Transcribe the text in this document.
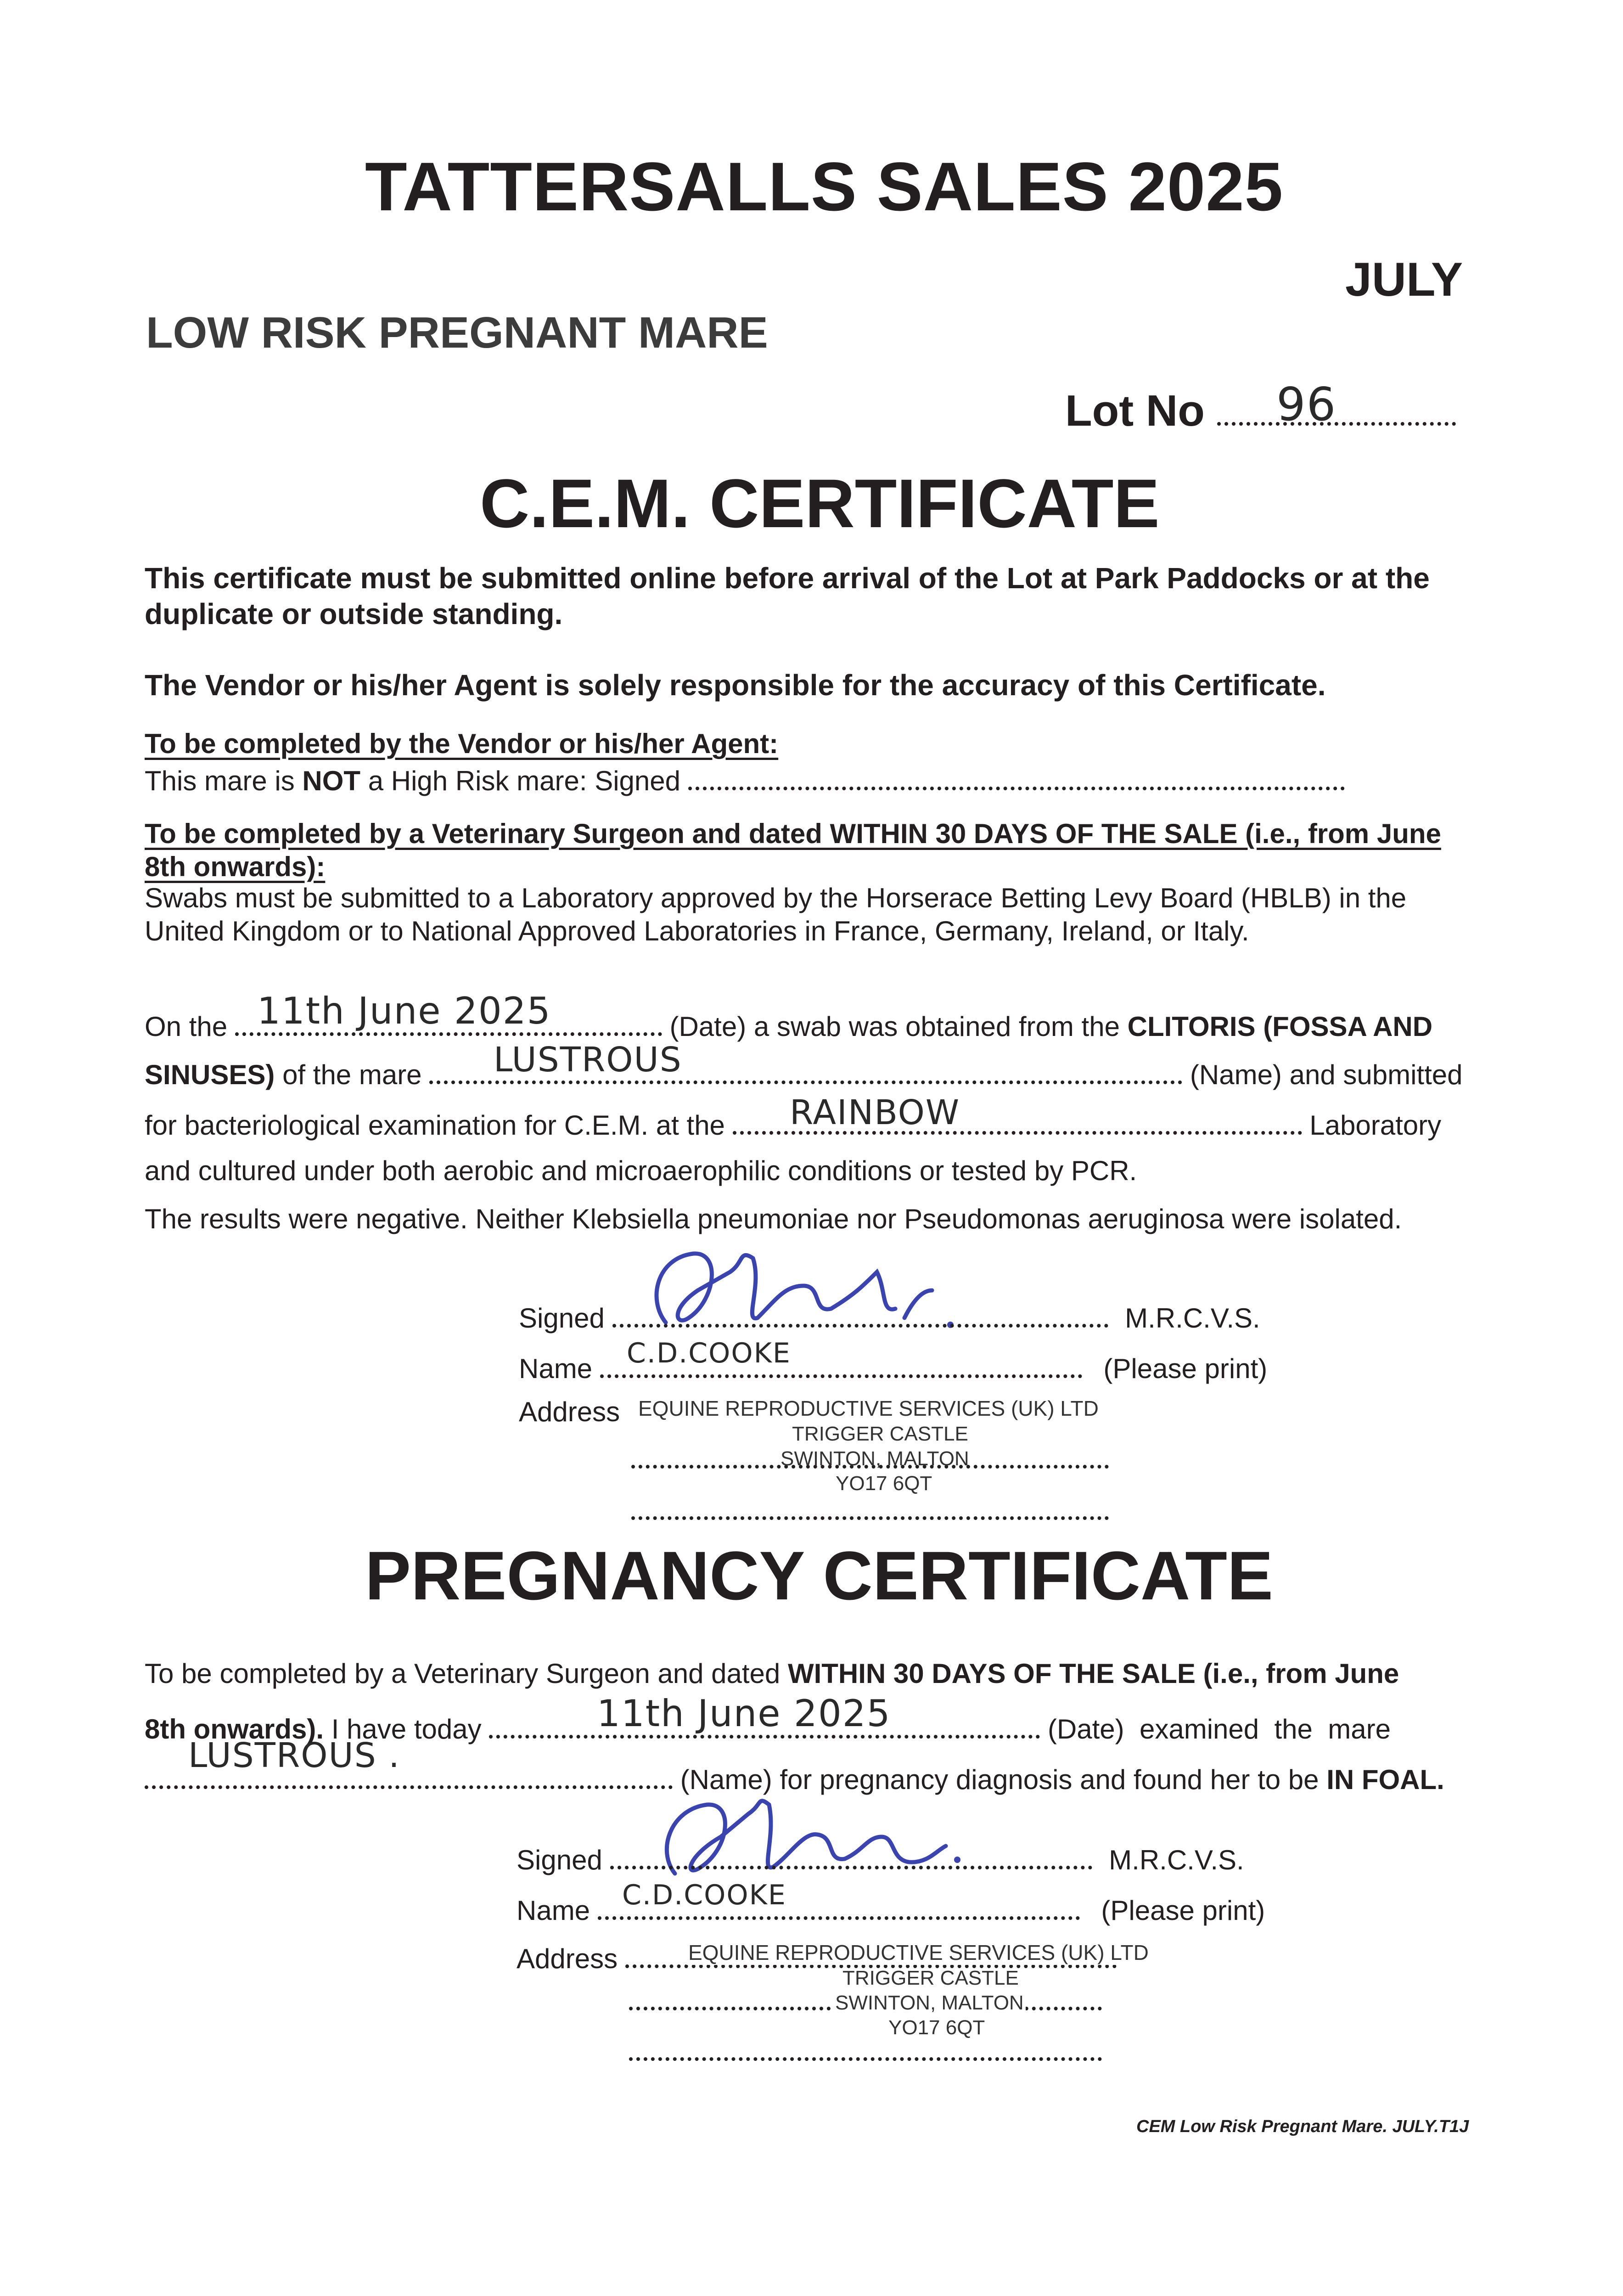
TATTERSALLS SALES 2025
JULY
LOW RISK PREGNANT MARE
Lot No	96
C.E.M. CERTIFICATE
This certificate must be submitted online before arrival of the Lot at Park Paddocks or at the duplicate or outside standing.
The Vendor or his/her Agent is solely responsible for the accuracy of this Certificate.
To be completed by the Vendor or his/her Agent:
This mare is NOT a High Risk mare: Signed
To be completed by a Veterinary Surgeon and dated WITHIN 30 DAYS OF THE SALE (i.e., from June 8th onwards):
Swabs must be submitted to a Laboratory approved by the Horserace Betting Levy Board (HBLB) in the United Kingdom or to National Approved Laboratories in France, Germany, Ireland, or Italy.
On the	(Date) a swab was obtained from the CLITORIS (FOSSA AND
11th June 2025
SINUSES) of the mare	(Name) and submitted
LUSTROUS
for bacteriological examination for C.E.M. at the	Laboratory
RAINBOW
and cultured under both aerobic and microaerophilic conditions or tested by PCR.
The results were negative. Neither Klebsiella pneumoniae nor Pseudomonas aeruginosa were isolated.
Signed	M.R.C.V.S.
Name	(Please print)
C.D.COOKE
Address EQUINE REPRODUCTIVE SERVICES (UK) LTD
TRIGGER CASTLE
SWINTON, MALTON
YO17 6QT
PREGNANCY CERTIFICATE
To be completed by a Veterinary Surgeon and dated WITHIN 30 DAYS OF THE SALE (i.e., from June
8th onwards). I have today	(Date)  examined  the  mare
11th June 2025
(Name) for pregnancy diagnosis and found her to be IN FOAL.
LUSTROUS .
Signed	M.R.C.V.S.
Name	(Please print)
C.D.COOKE
Address	EQUINE REPRODUCTIVE SERVICES (UK) LTD
TRIGGER CASTLE
SWINTON, MALTON
YO17 6QT
CEM Low Risk Pregnant Mare. JULY.T1J
